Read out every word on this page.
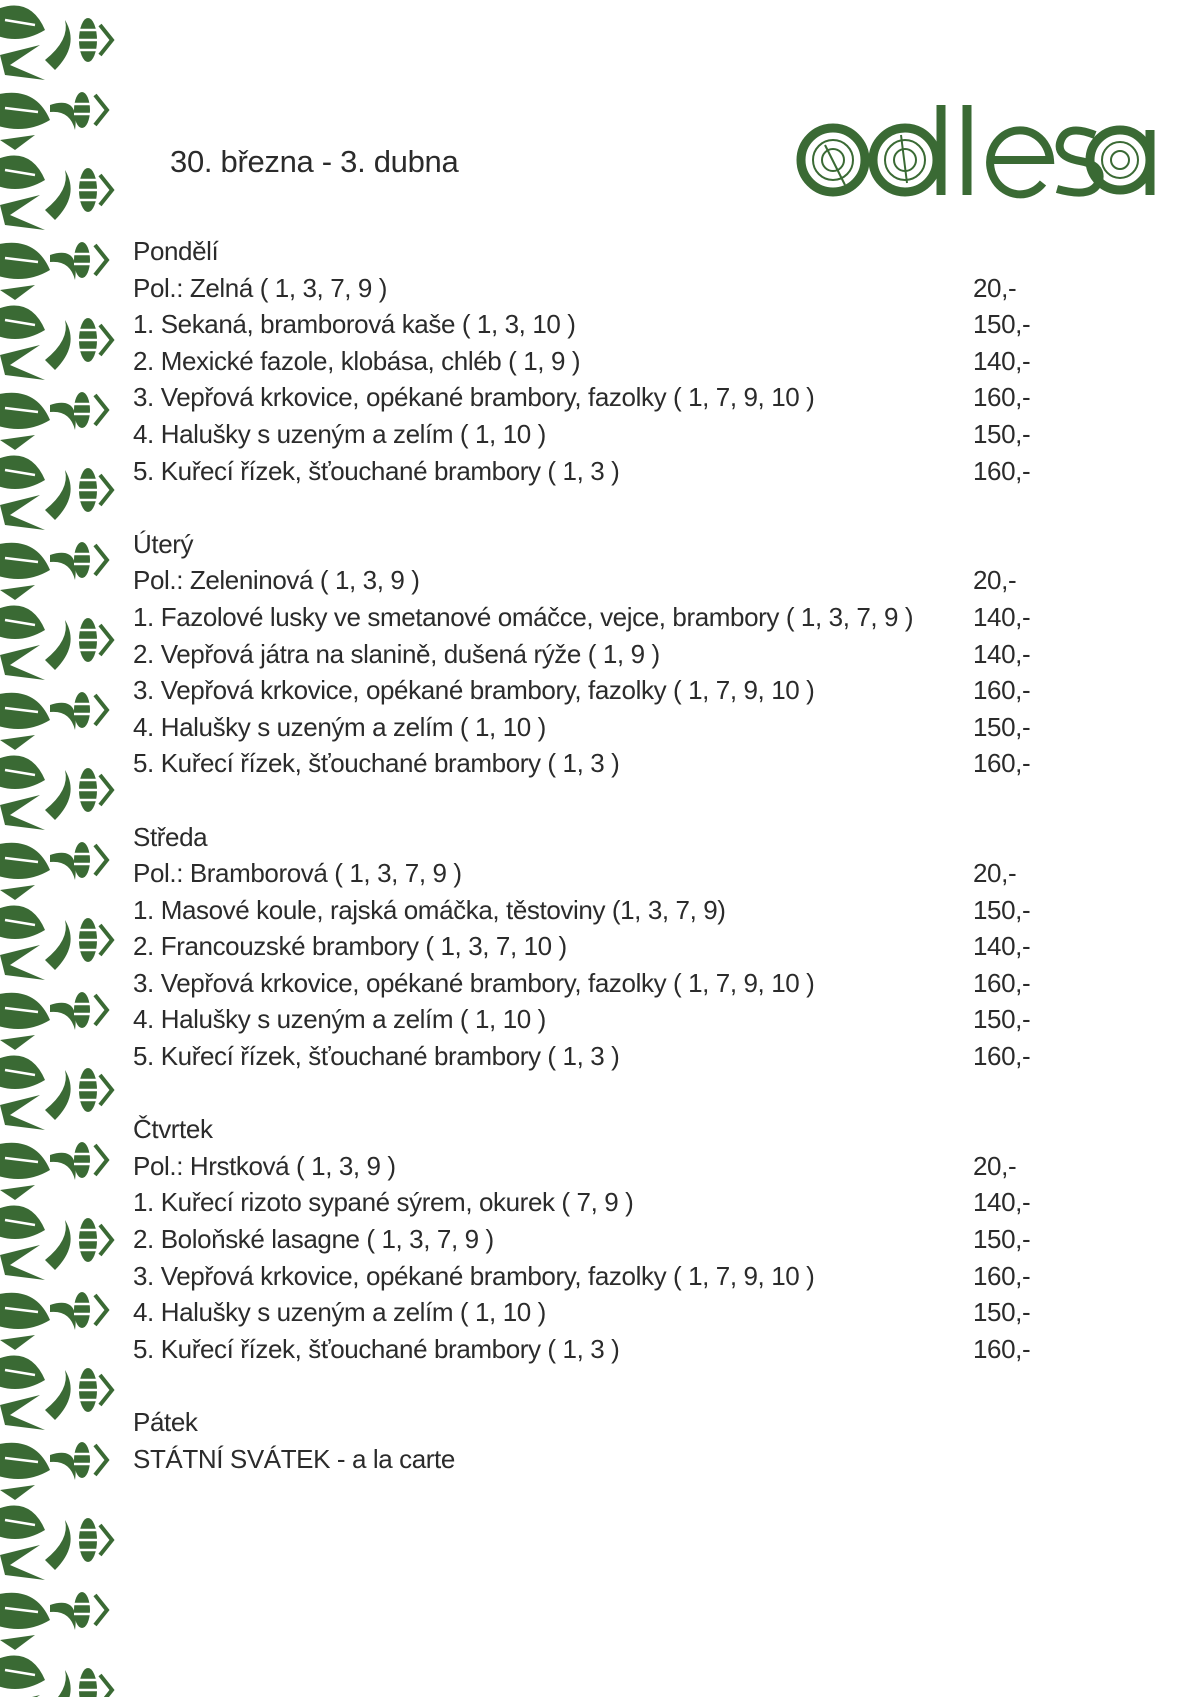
30. března - 3. dubna
odlesa
Pondělí
Pol.: Zelná ( 1, 3, 7, 9 )	20,-
1. Sekaná, bramborová kaše ( 1, 3, 10 )	150,-
2. Mexické fazole, klobása, chléb ( 1, 9 )	140,-
3. Vepřová krkovice, opékané brambory, fazolky ( 1, 7, 9, 10 )	160,-
4. Halušky s uzeným a zelím ( 1, 10 )	150,-
5. Kuřecí řízek, šťouchané brambory ( 1, 3 )	160,-
Úterý
Pol.: Zeleninová ( 1, 3, 9 )	20,-
1. Fazolové lusky ve smetanové omáčce, vejce, brambory ( 1, 3, 7, 9 ) 140,-
2. Vepřová játra na slanině, dušená rýže ( 1, 9 )	140,-
3. Vepřová krkovice, opékané brambory, fazolky ( 1, 7, 9, 10 )	160,-
4. Halušky s uzeným a zelím ( 1, 10 )	150,-
5. Kuřecí řízek, šťouchané brambory ( 1, 3 )	160,-
Středa
Pol.: Bramborová ( 1, 3, 7, 9 )	20,-
1. Masové koule, rajská omáčka, těstoviny (1, 3, 7, 9)	150,-
2. Francouzské brambory ( 1, 3, 7, 10 )	140,-
3. Vepřová krkovice, opékané brambory, fazolky ( 1, 7, 9, 10 )	160,-
4. Halušky s uzeným a zelím ( 1, 10 )	150,-
5. Kuřecí řízek, šťouchané brambory ( 1, 3 )	160,-
Čtvrtek
Pol.: Hrstková ( 1, 3, 9 )	20,-
1. Kuřecí rizoto sypané sýrem, okurek ( 7, 9 )	140,-
2. Boloňské lasagne ( 1, 3, 7, 9 )	150,-
3. Vepřová krkovice, opékané brambory, fazolky ( 1, 7, 9, 10 )	160,-
4. Halušky s uzeným a zelím ( 1, 10 )	150,-
5. Kuřecí řízek, šťouchané brambory ( 1, 3 )	160,-
Pátek
STÁTNÍ SVÁTEK - a la carte
